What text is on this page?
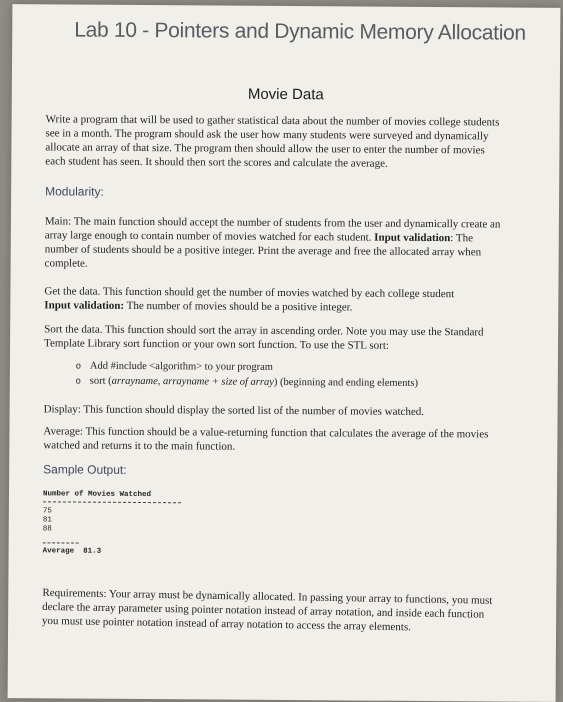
Lab 10 - Pointers and Dynamic Memory Allocation
Movie Data
Write a program that will be used to gather statistical data about the number of movies college students see in a month. The program should ask the user how many students were surveyed and dynamically allocate an array of that size. The program then should allow the user to enter the number of movies each student has seen. It should then sort the scores and calculate the average.
Modularity:
Main: The main function should accept the number of students from the user and dynamically create an array large enough to contain number of movies watched for each student. Input validation: The number of students should be a positive integer. Print the average and free the allocated array when complete.
Get the data. This function should get the number of movies watched by each college student
Input validation: The number of movies should be a positive integer.
Sort the data. This function should sort the array in ascending order. Note you may use the Standard Template Library sort function or your own sort function. To use the STL sort:
o Add #include <algorithm> to your program
o sort (arrayname, arrayname + size of array) (beginning and ending elements)
Display: This function should display the sorted list of the number of movies watched.
Average: This function should be a value-returning function that calculates the average of the movies watched and returns it to the main function.
Sample Output:
Number of Movies Watched
75
81
88
Average 81.3
Requirements: Your array must be dynamically allocated. In passing your array to functions, you must declare the array parameter using pointer notation instead of array notation, and inside each function you must use pointer notation instead of array notation to access the array elements.
